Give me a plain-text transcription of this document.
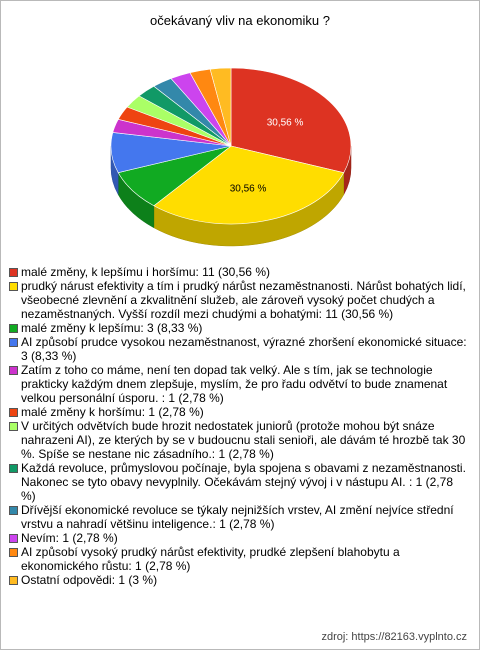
očekávaný vliv na ekonomiku ?
30,56 %
30,56 %
malé změny, k lepšímu i horšímu: 11 (30,56 %)
prudký nárust efektivity a tím i prudký nárůst nezaměstnanosti. Nárůst bohatých lidí, všeobecné zlevnění a zkvalitnění služeb, ale zároveň vysoký počet chudých a nezaměstnaných. Vyšší rozdíl mezi chudými a bohatými: 11 (30,56 %)
malé změny k lepšímu: 3 (8,33 %)
AI způsobí prudce vysokou nezaměstnanost, výrazné zhoršení ekonomické situace: 3 (8,33 %)
Zatím z toho co máme, není ten dopad tak velký. Ale s tím, jak se technologie prakticky každým dnem zlepšuje, myslím, že pro řadu odvětví to bude znamenat velkou personální úsporu. : 1 (2,78 %)
malé změny k horšímu: 1 (2,78 %)
V určitých odvětvích bude hrozit nedostatek juniorů (protože mohou být snáze nahrazeni AI), ze kterých by se v budoucnu stali senioři, ale dávám té hrozbě tak 30 %. Spíše se nestane nic zásadního.: 1 (2,78 %)
Každá revoluce, průmyslovou počínaje, byla spojena s obavami z nezaměstnanosti. Nakonec se tyto obavy nevyplnily. Očekávám stejný vývoj i v nástupu AI. : 1 (2,78 %)
Dřívější ekonomické revoluce se týkaly nejnižších vrstev, AI změní nejvíce střední vrstvu a nahradí většinu inteligence.: 1 (2,78 %)
Nevím: 1 (2,78 %)
AI způsobí vysoký prudký nárůst efektivity, prudké zlepšení blahobytu a ekonomického růstu: 1 (2,78 %)
Ostatní odpovědi: 1 (3 %)
zdroj: https://82163.vyplnto.cz
